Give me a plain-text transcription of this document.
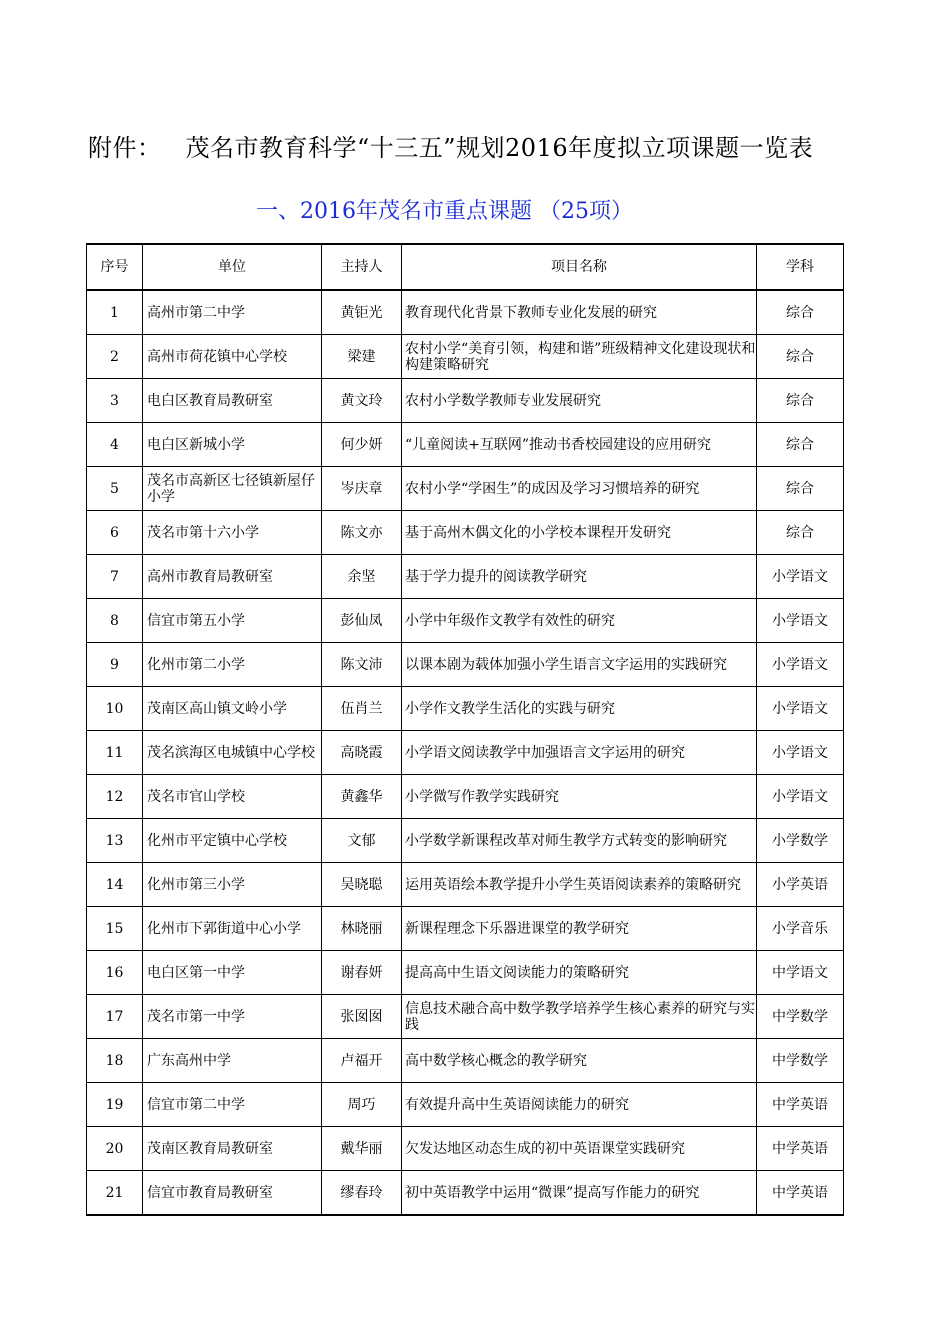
附件： 茂名市教育科学“十三五”规划2016年度拟立项课题一览表
一、2016年茂名市重点课题 （25项）
序号	单位	主持人	项目名称	学科
1	高州市第二中学	黄钜光	教育现代化背景下教师专业化发展的研究	综合
2	高州市荷花镇中心学校	梁建	农村小学“美育引领，构建和谐”班级精神文化建设现状和构建策略研究	综合
3	电白区教育局教研室	黄文玲	农村小学数学教师专业发展研究	综合
4	电白区新城小学	何少妍	“儿童阅读+互联网”推动书香校园建设的应用研究	综合
5	茂名市高新区七径镇新屋仔小学	岑庆章	农村小学“学困生”的成因及学习习惯培养的研究	综合
6	茂名市第十六小学	陈文亦	基于高州木偶文化的小学校本课程开发研究	综合
7	高州市教育局教研室	余坚	基于学力提升的阅读教学研究	小学语文
8	信宜市第五小学	彭仙凤	小学中年级作文教学有效性的研究	小学语文
9	化州市第二小学	陈文沛	以课本剧为载体加强小学生语言文字运用的实践研究	小学语文
10	茂南区高山镇文岭小学	伍肖兰	小学作文教学生活化的实践与研究	小学语文
11	茂名滨海区电城镇中心学校	高晓霞	小学语文阅读教学中加强语言文字运用的研究	小学语文
12	茂名市官山学校	黄鑫华	小学微写作教学实践研究	小学语文
13	化州市平定镇中心学校	文郁	小学数学新课程改革对师生教学方式转变的影响研究	小学数学
14	化州市第三小学	吴晓聪	运用英语绘本教学提升小学生英语阅读素养的策略研究	小学英语
15	化州市下郭街道中心小学	林晓丽	新课程理念下乐器进课堂的教学研究	小学音乐
16	电白区第一中学	谢春妍	提高高中生语文阅读能力的策略研究	中学语文
17	茂名市第一中学	张囡囡	信息技术融合高中数学教学培养学生核心素养的研究与实践	中学数学
18	广东高州中学	卢福开	高中数学核心概念的教学研究	中学数学
19	信宜市第二中学	周巧	有效提升高中生英语阅读能力的研究	中学英语
20	茂南区教育局教研室	戴华丽	欠发达地区动态生成的初中英语课堂实践研究	中学英语
21	信宜市教育局教研室	缪春玲	初中英语教学中运用“微课”提高写作能力的研究	中学英语
